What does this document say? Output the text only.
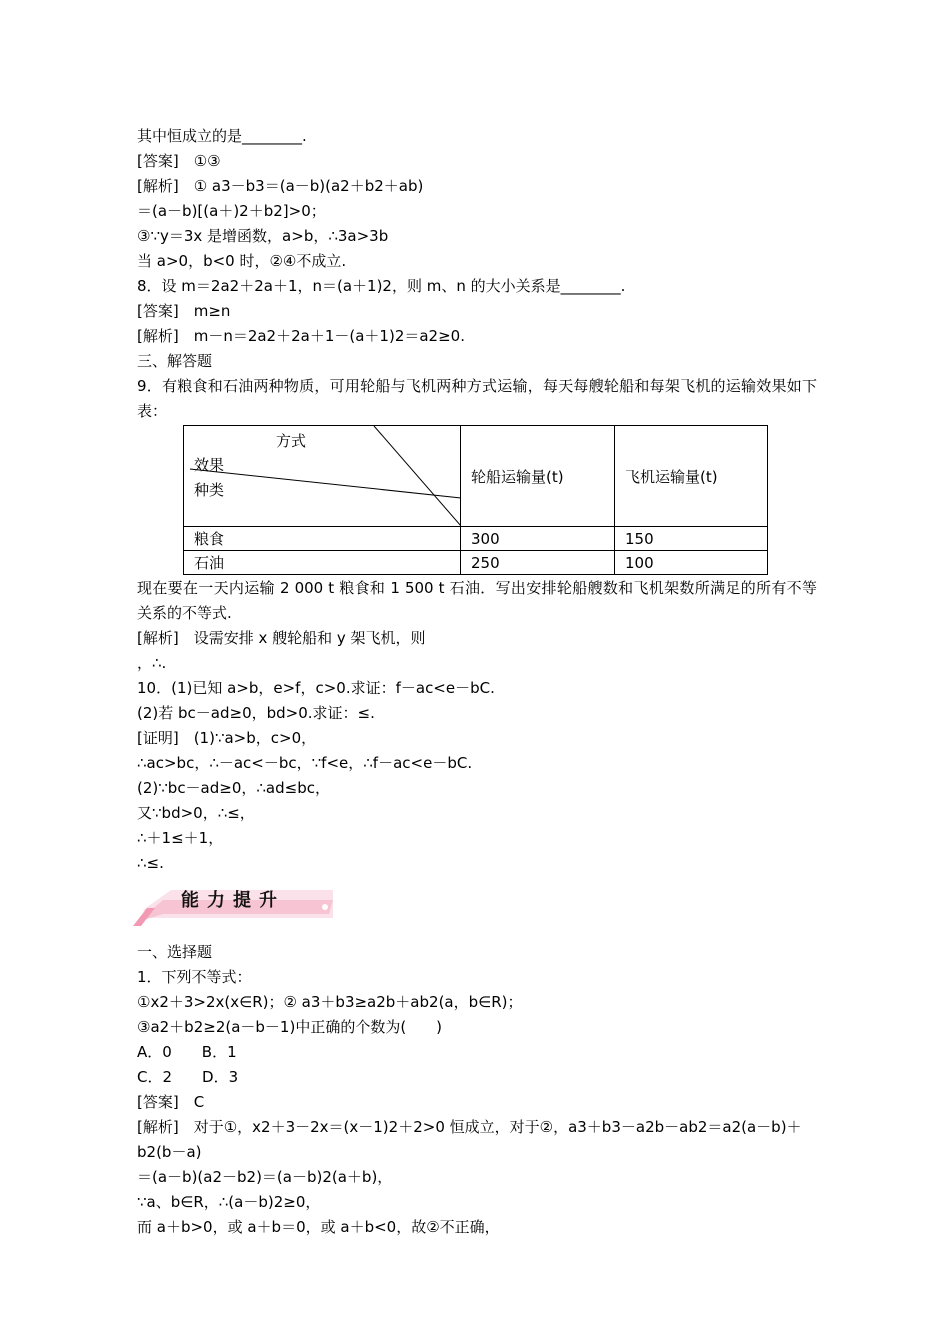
其中恒成立的是________.
[答案]　①③
[解析]　① a3－b3＝(a－b)(a2＋b2＋ab)
＝(a－b)[(a＋)2＋b2]>0；
③∵y＝3x 是增函数，a>b，∴3a>3b
当 a>0，b<0 时，②④不成立.
8．设 m＝2a2＋2a＋1，n＝(a＋1)2，则 m、n 的大小关系是________.
[答案]　m≥n
[解析]　m－n＝2a2＋2a＋1－(a＋1)2＝a2≥0.
三、解答题
9．有粮食和石油两种物质，可用轮船与飞机两种方式运输，每天每艘轮船和每架飞机的运输效果如下表：
方式
效果
种类	轮船运输量(t)	飞机运输量(t)
粮食	300	150
石油	250	100
现在要在一天内运输 2 000 t 粮食和 1 500 t 石油．写出安排轮船艘数和飞机架数所满足的所有不等关系的不等式.
[解析]　设需安排 x 艘轮船和 y 架飞机，则
，∴.
10．(1)已知 a>b，e>f，c>0.求证：f－ac<e－bC.
(2)若 bc－ad≥0，bd>0.求证：≤.
[证明]　(1)∵a>b，c>0，
∴ac>bc，∴－ac<－bc，∵f<e，∴f－ac<e－bC.
(2)∵bc－ad≥0，∴ad≤bc，
又∵bd>0，∴≤，
∴＋1≤＋1，
∴≤.
能力提升
一、选择题
1．下列不等式：
①x2＋3>2x(x∈R)；② a3＋b3≥a2b＋ab2(a，b∈R)；
③a2＋b2≥2(a－b－1)中正确的个数为(　　)
A．0　　B．1
C．2　　D．3
[答案]　C
[解析]　对于①，x2＋3－2x＝(x－1)2＋2>0 恒成立，对于②，a3＋b3－a2b－ab2＝a2(a－b)＋
b2(b－a)
＝(a－b)(a2－b2)＝(a－b)2(a＋b)，
∵a、b∈R，∴(a－b)2≥0，
而 a＋b>0，或 a＋b＝0，或 a＋b<0，故②不正确，
